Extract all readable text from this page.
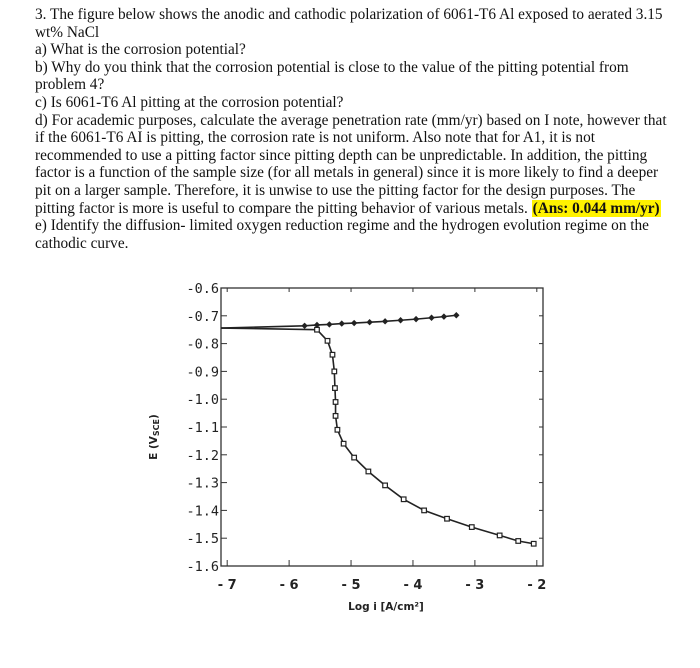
3. The figure below shows the anodic and cathodic polarization of 6061-T6 Al exposed to aerated 3.15 wt% NaCl

a) What is the corrosion potential?

b) Why do you think that the corrosion potential is close to the value of the pitting potential from problem 4?

c) Is 6061-T6 Al pitting at the corrosion potential?

d) For academic purposes, calculate the average penetration rate (mm/yr) based on I note, however that if the 6061-T6 AI is pitting, the corrosion rate is not uniform. Also note that for A1, it is not recommended to use a pitting factor since pitting depth can be unpredictable. In addition, the pitting factor is a function of the sample size (for all metals in general) since it is more likely to find a deeper pit on a larger sample. Therefore, it is unwise to use the pitting factor for the design purposes. The pitting factor is more is useful to compare the pitting behavior of various metals. (Ans: 0.044 mm/yr)

e) Identify the diffusion- limited oxygen reduction regime and the hydrogen evolution regime on the cathodic curve.

-0.6
-0.7
-0.8
-0.9
-1.0
-1.1
-1.2
-1.3
-1.4
-1.5
-1.6
- 7	- 6	- 5	- 4	- 3	- 2
Log i [A/cm²]
E (VSCE)
